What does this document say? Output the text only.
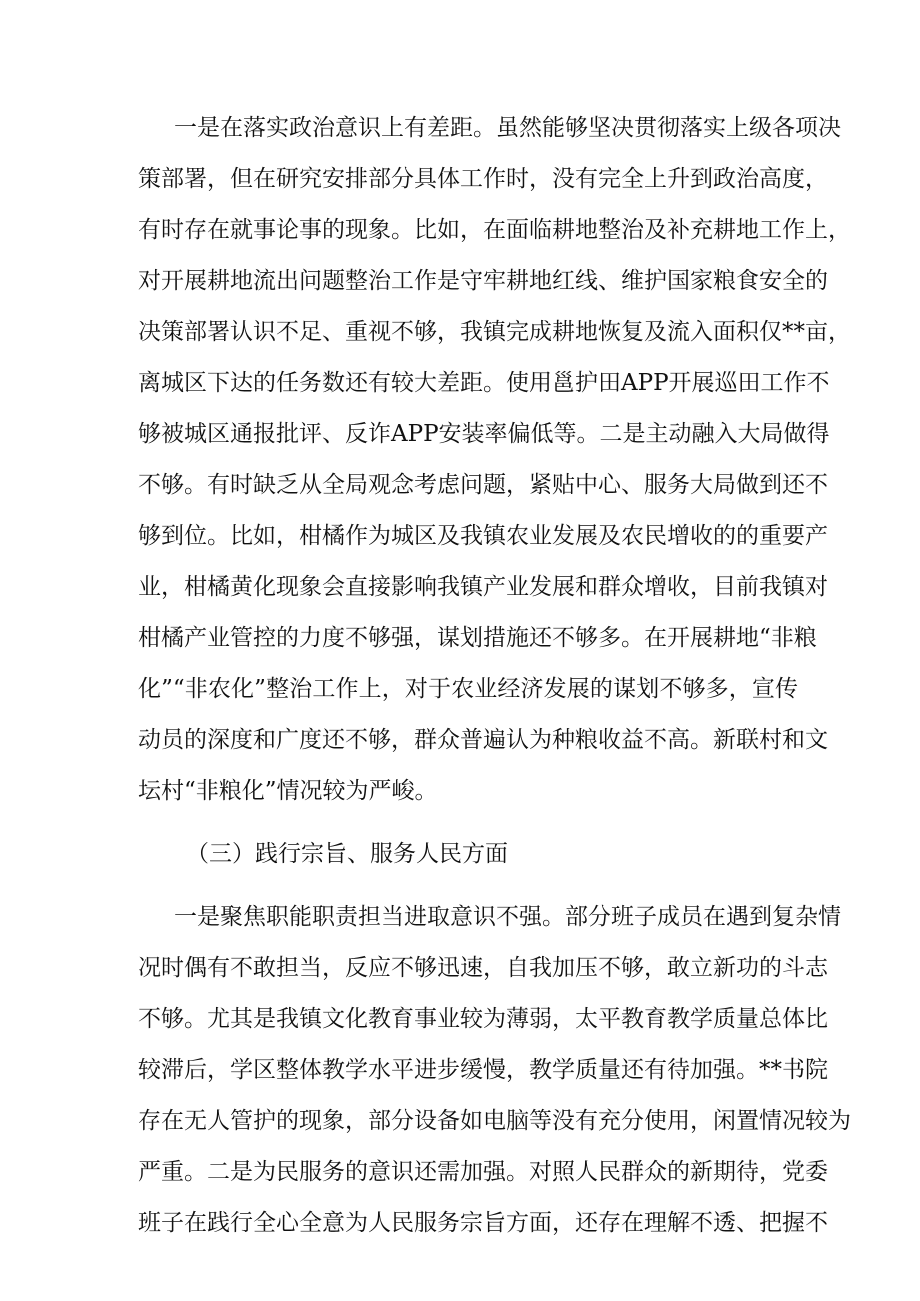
一是在落实政治意识上有差距。虽然能够坚决贯彻落实上级各项决
策部署，但在研究安排部分具体工作时，没有完全上升到政治高度，
有时存在就事论事的现象。比如，在面临耕地整治及补充耕地工作上，
对开展耕地流出问题整治工作是守牢耕地红线、维护国家粮食安全的
决策部署认识不足、重视不够，我镇完成耕地恢复及流入面积仅**亩，
离城区下达的任务数还有较大差距。使用邕护田APP开展巡田工作不
够被城区通报批评、反诈APP安装率偏低等。二是主动融入大局做得
不够。有时缺乏从全局观念考虑问题，紧贴中心、服务大局做到还不
够到位。比如，柑橘作为城区及我镇农业发展及农民增收的的重要产
业，柑橘黄化现象会直接影响我镇产业发展和群众增收，目前我镇对
柑橘产业管控的力度不够强，谋划措施还不够多。在开展耕地“非粮
化”“非农化”整治工作上，对于农业经济发展的谋划不够多，宣传
动员的深度和广度还不够，群众普遍认为种粮收益不高。新联村和文
坛村“非粮化”情况较为严峻。
（三）践行宗旨、服务人民方面
一是聚焦职能职责担当进取意识不强。部分班子成员在遇到复杂情
况时偶有不敢担当，反应不够迅速，自我加压不够，敢立新功的斗志
不够。尤其是我镇文化教育事业较为薄弱，太平教育教学质量总体比
较滞后，学区整体教学水平进步缓慢，教学质量还有待加强。**书院
存在无人管护的现象，部分设备如电脑等没有充分使用，闲置情况较为
严重。二是为民服务的意识还需加强。对照人民群众的新期待，党委
班子在践行全心全意为人民服务宗旨方面，还存在理解不透、把握不
